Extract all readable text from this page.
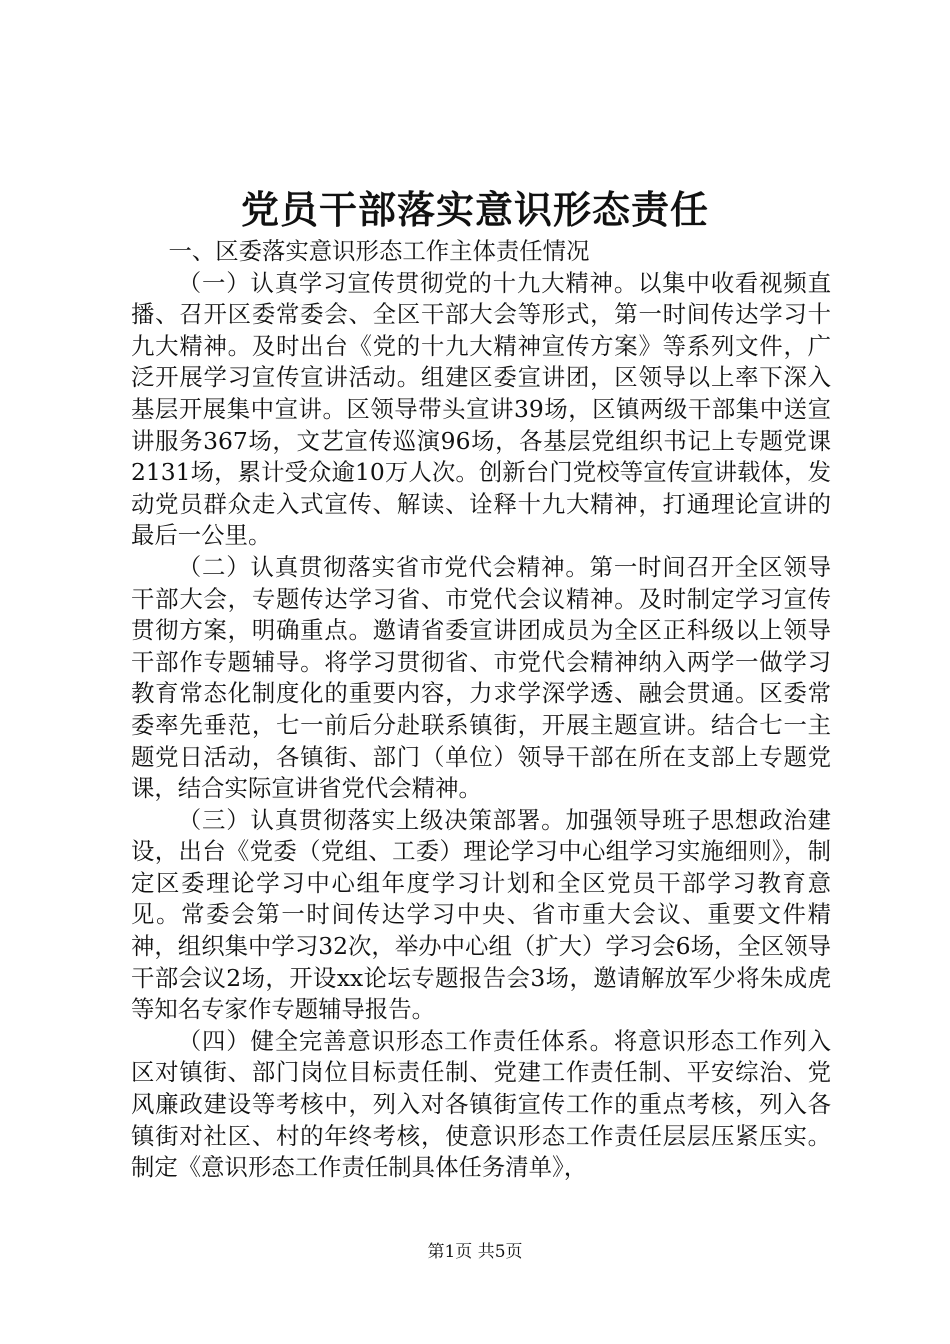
党员干部落实意识形态责任

一、区委落实意识形态工作主体责任情况

（一）认真学习宣传贯彻党的十九大精神。以集中收看视频直播、召开区委常委会、全区干部大会等形式，第一时间传达学习十九大精神。及时出台《党的十九大精神宣传方案》等系列文件，广泛开展学习宣传宣讲活动。组建区委宣讲团，区领导以上率下深入基层开展集中宣讲。区领导带头宣讲39场，区镇两级干部集中送宣讲服务367场，文艺宣传巡演96场，各基层党组织书记上专题党课2131场，累计受众逾10万人次。创新台门党校等宣传宣讲载体，发动党员群众走入式宣传、解读、诠释十九大精神，打通理论宣讲的最后一公里。

（二）认真贯彻落实省市党代会精神。第一时间召开全区领导干部大会，专题传达学习省、市党代会议精神。及时制定学习宣传贯彻方案，明确重点。邀请省委宣讲团成员为全区正科级以上领导干部作专题辅导。将学习贯彻省、市党代会精神纳入两学一做学习教育常态化制度化的重要内容，力求学深学透、融会贯通。区委常委率先垂范，七一前后分赴联系镇街，开展主题宣讲。结合七一主题党日活动，各镇街、部门（单位）领导干部在所在支部上专题党课，结合实际宣讲省党代会精神。

（三）认真贯彻落实上级决策部署。加强领导班子思想政治建设，出台《党委（党组、工委）理论学习中心组学习实施细则》，制定区委理论学习中心组年度学习计划和全区党员干部学习教育意见。常委会第一时间传达学习中央、省市重大会议、重要文件精神，组织集中学习32次，举办中心组（扩大）学习会6场，全区领导干部会议2场，开设xx论坛专题报告会3场，邀请解放军少将朱成虎等知名专家作专题辅导报告。

（四）健全完善意识形态工作责任体系。将意识形态工作列入区对镇街、部门岗位目标责任制、党建工作责任制、平安综治、党风廉政建设等考核中，列入对各镇街宣传工作的重点考核，列入各镇街对社区、村的年终考核，使意识形态工作责任层层压紧压实。制定《意识形态工作责任制具体任务清单》，

第1页 共5页
